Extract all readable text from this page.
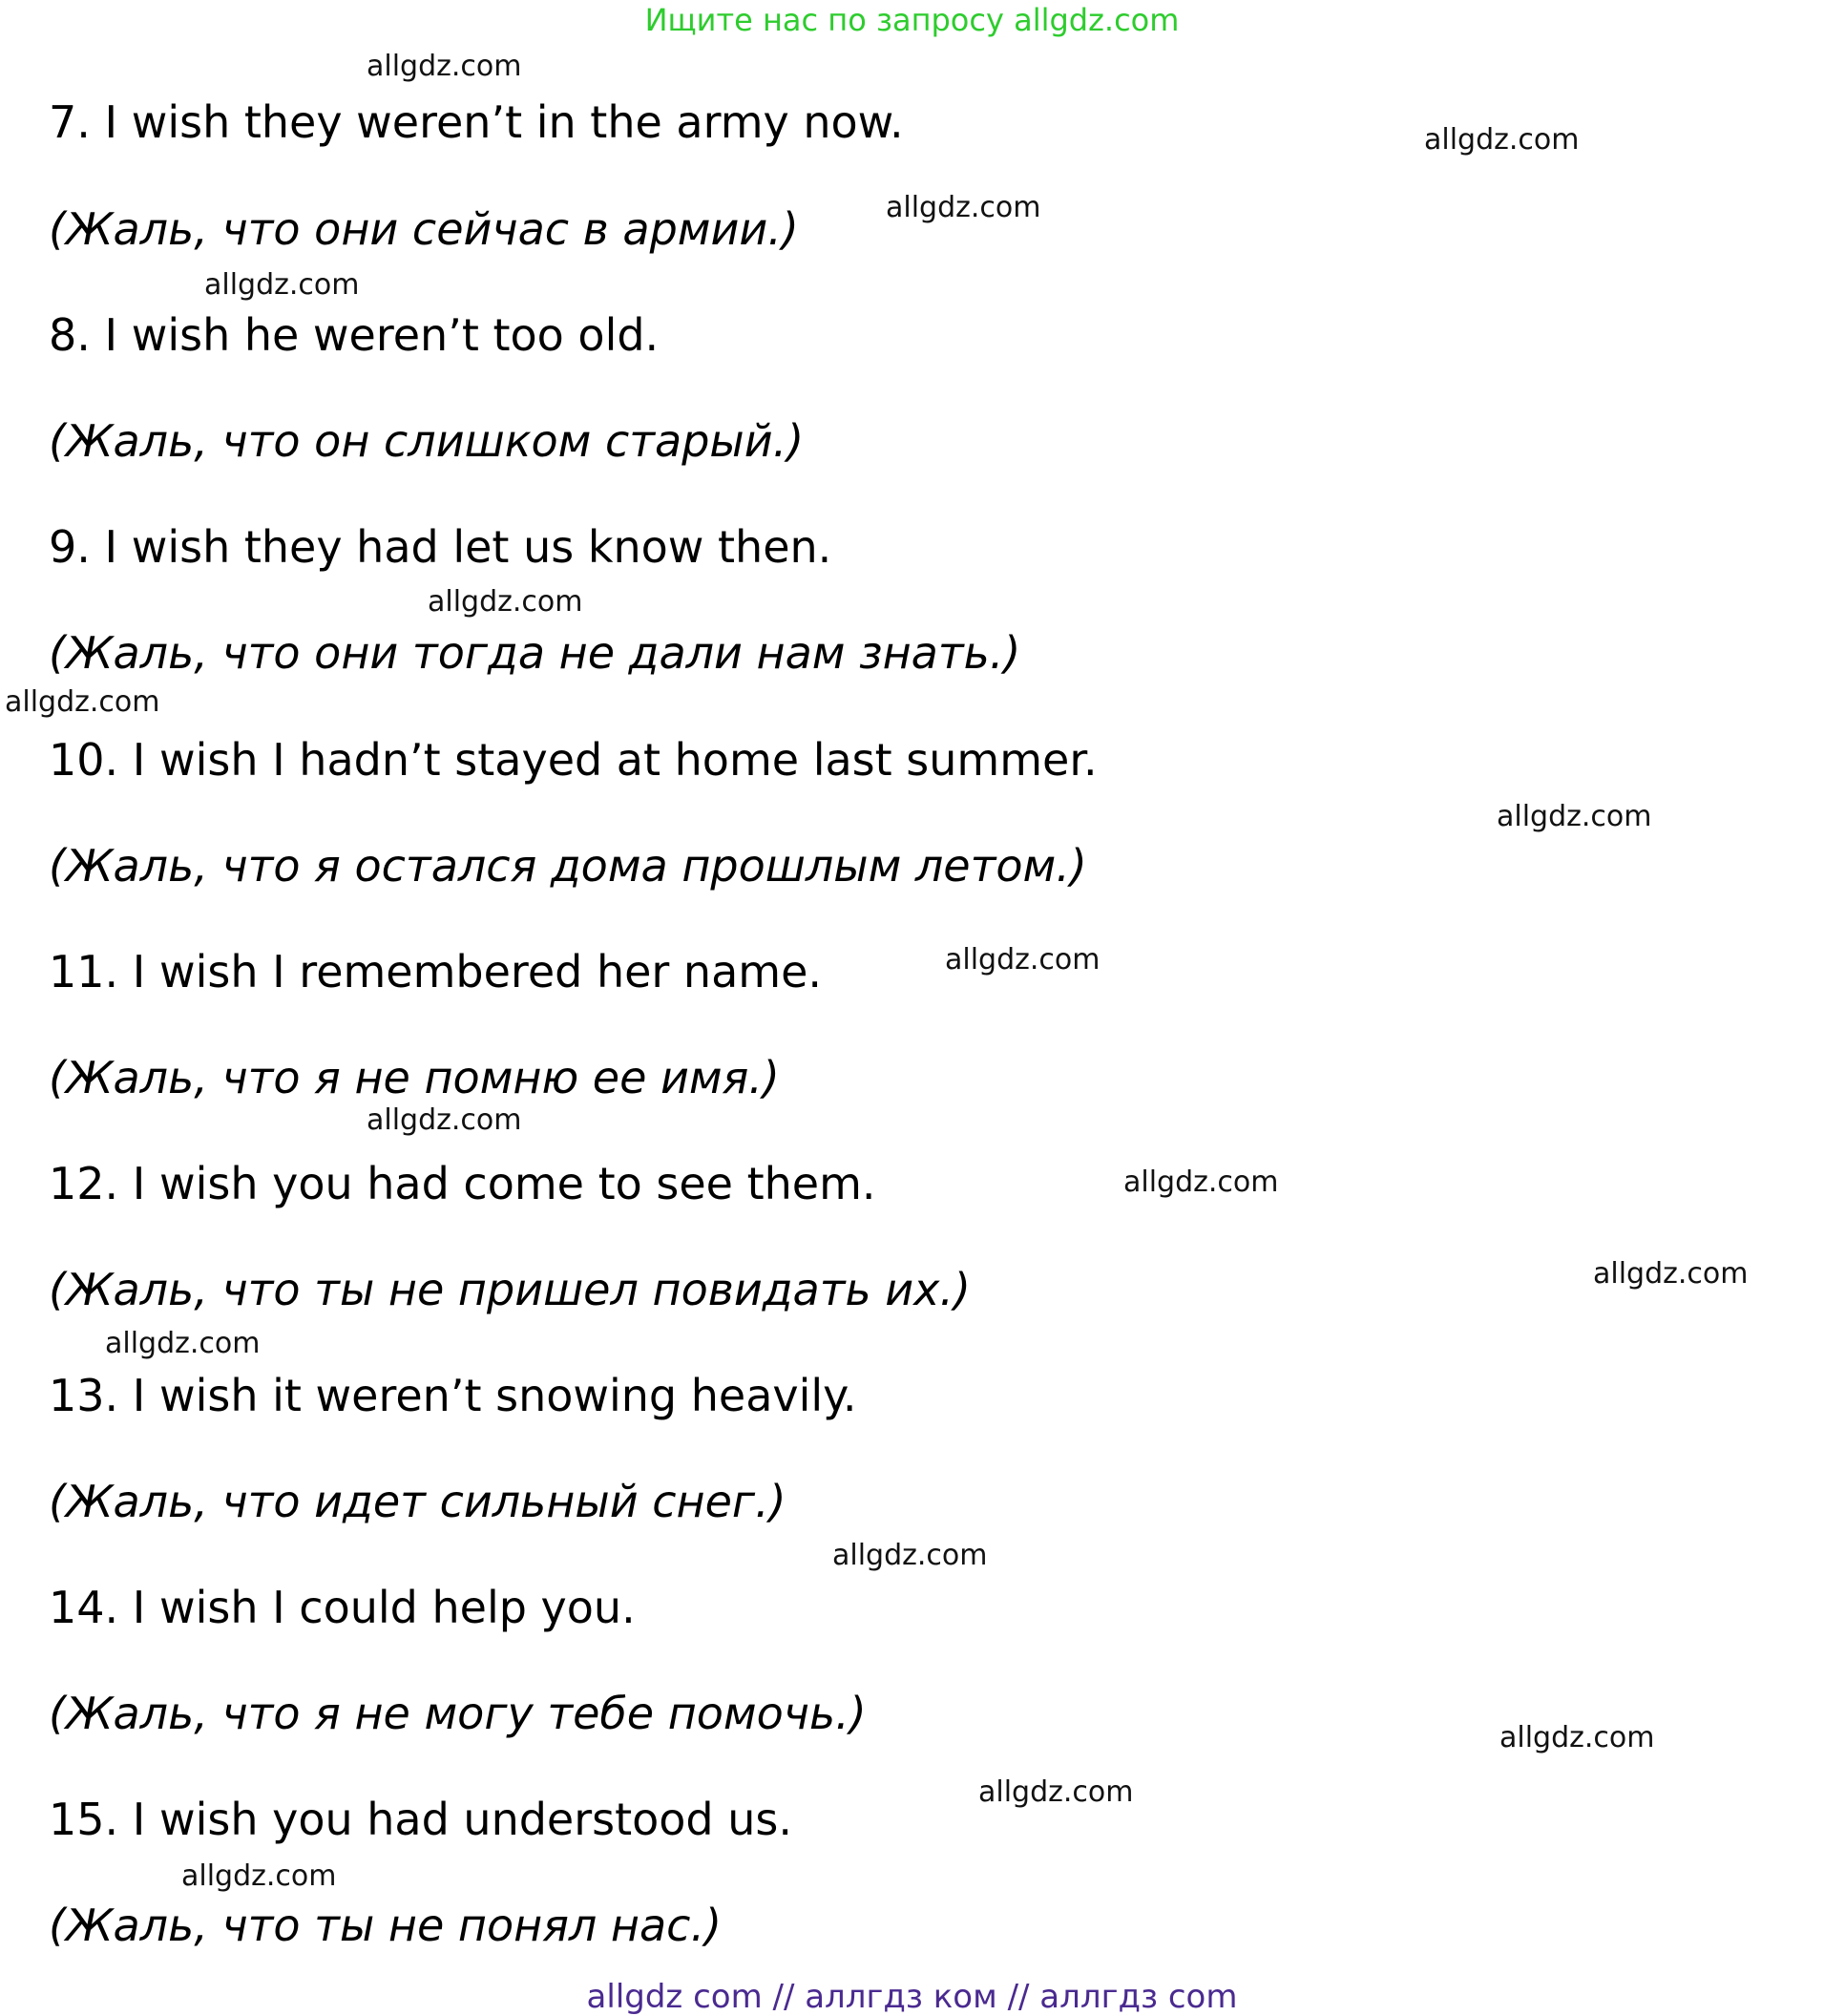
Ищите нас по запросу allgdz.com

7. I wish they weren’t in the army now.

(Жаль, что они сейчас в армии.)

8. I wish he weren’t too old.

(Жаль, что он слишком старый.)

9. I wish they had let us know then.

(Жаль, что они тогда не дали нам знать.)

10. I wish I hadn’t stayed at home last summer.

(Жаль, что я остался дома прошлым летом.)

11. I wish I remembered her name.

(Жаль, что я не помню ее имя.)

12. I wish you had come to see them.

(Жаль, что ты не пришел повидать их.)

13. I wish it weren’t snowing heavily.

(Жаль, что идет сильный снег.)

14. I wish I could help you.

(Жаль, что я не могу тебе помочь.)

15. I wish you had understood us.

(Жаль, что ты не понял нас.)

allgdz.com
allgdz.com
allgdz.com
allgdz.com
allgdz.com
allgdz.com
allgdz.com
allgdz.com
allgdz.com
allgdz.com
allgdz.com
allgdz.com
allgdz.com
allgdz.com
allgdz.com
allgdz.com
allgdz com // аллгдз ком // аллгдз com
